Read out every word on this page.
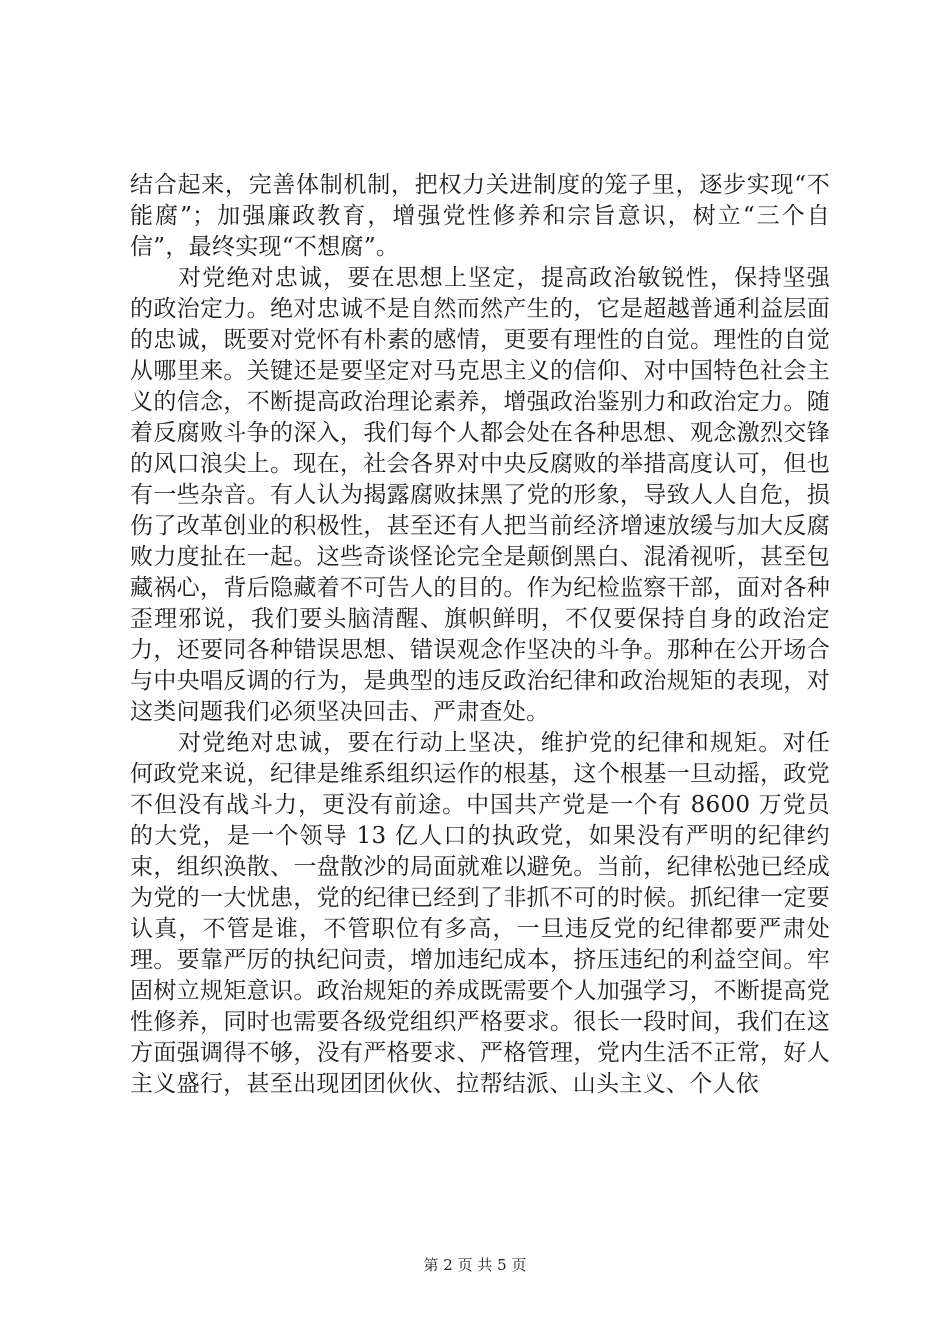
结合起来，完善体制机制，把权力关进制度的笼子里，逐步实现“不能腐”；加强廉政教育，增强党性修养和宗旨意识，树立“三个自信”，最终实现“不想腐”。

对党绝对忠诚，要在思想上坚定，提高政治敏锐性，保持坚强的政治定力。绝对忠诚不是自然而然产生的，它是超越普通利益层面的忠诚，既要对党怀有朴素的感情，更要有理性的自觉。理性的自觉从哪里来。关键还是要坚定对马克思主义的信仰、对中国特色社会主义的信念，不断提高政治理论素养，增强政治鉴别力和政治定力。随着反腐败斗争的深入，我们每个人都会处在各种思想、观念激烈交锋的风口浪尖上。现在，社会各界对中央反腐败的举措高度认可，但也有一些杂音。有人认为揭露腐败抹黑了党的形象，导致人人自危，损伤了改革创业的积极性，甚至还有人把当前经济增速放缓与加大反腐败力度扯在一起。这些奇谈怪论完全是颠倒黑白、混淆视听，甚至包藏祸心，背后隐藏着不可告人的目的。作为纪检监察干部，面对各种歪理邪说，我们要头脑清醒、旗帜鲜明，不仅要保持自身的政治定力，还要同各种错误思想、错误观念作坚决的斗争。那种在公开场合与中央唱反调的行为，是典型的违反政治纪律和政治规矩的表现，对这类问题我们必须坚决回击、严肃查处。

对党绝对忠诚，要在行动上坚决，维护党的纪律和规矩。对任何政党来说，纪律是维系组织运作的根基，这个根基一旦动摇，政党不但没有战斗力，更没有前途。中国共产党是一个有 8600 万党员的大党，是一个领导 13 亿人口的执政党，如果没有严明的纪律约束，组织涣散、一盘散沙的局面就难以避免。当前，纪律松弛已经成为党的一大忧患，党的纪律已经到了非抓不可的时候。抓纪律一定要认真，不管是谁，不管职位有多高，一旦违反党的纪律都要严肃处理。要靠严厉的执纪问责，增加违纪成本，挤压违纪的利益空间。牢固树立规矩意识。政治规矩的养成既需要个人加强学习，不断提高党性修养，同时也需要各级党组织严格要求。很长一段时间，我们在这方面强调得不够，没有严格要求、严格管理，党内生活不正常，好人主义盛行，甚至出现团团伙伙、拉帮结派、山头主义、个人依

第 2 页 共 5 页
